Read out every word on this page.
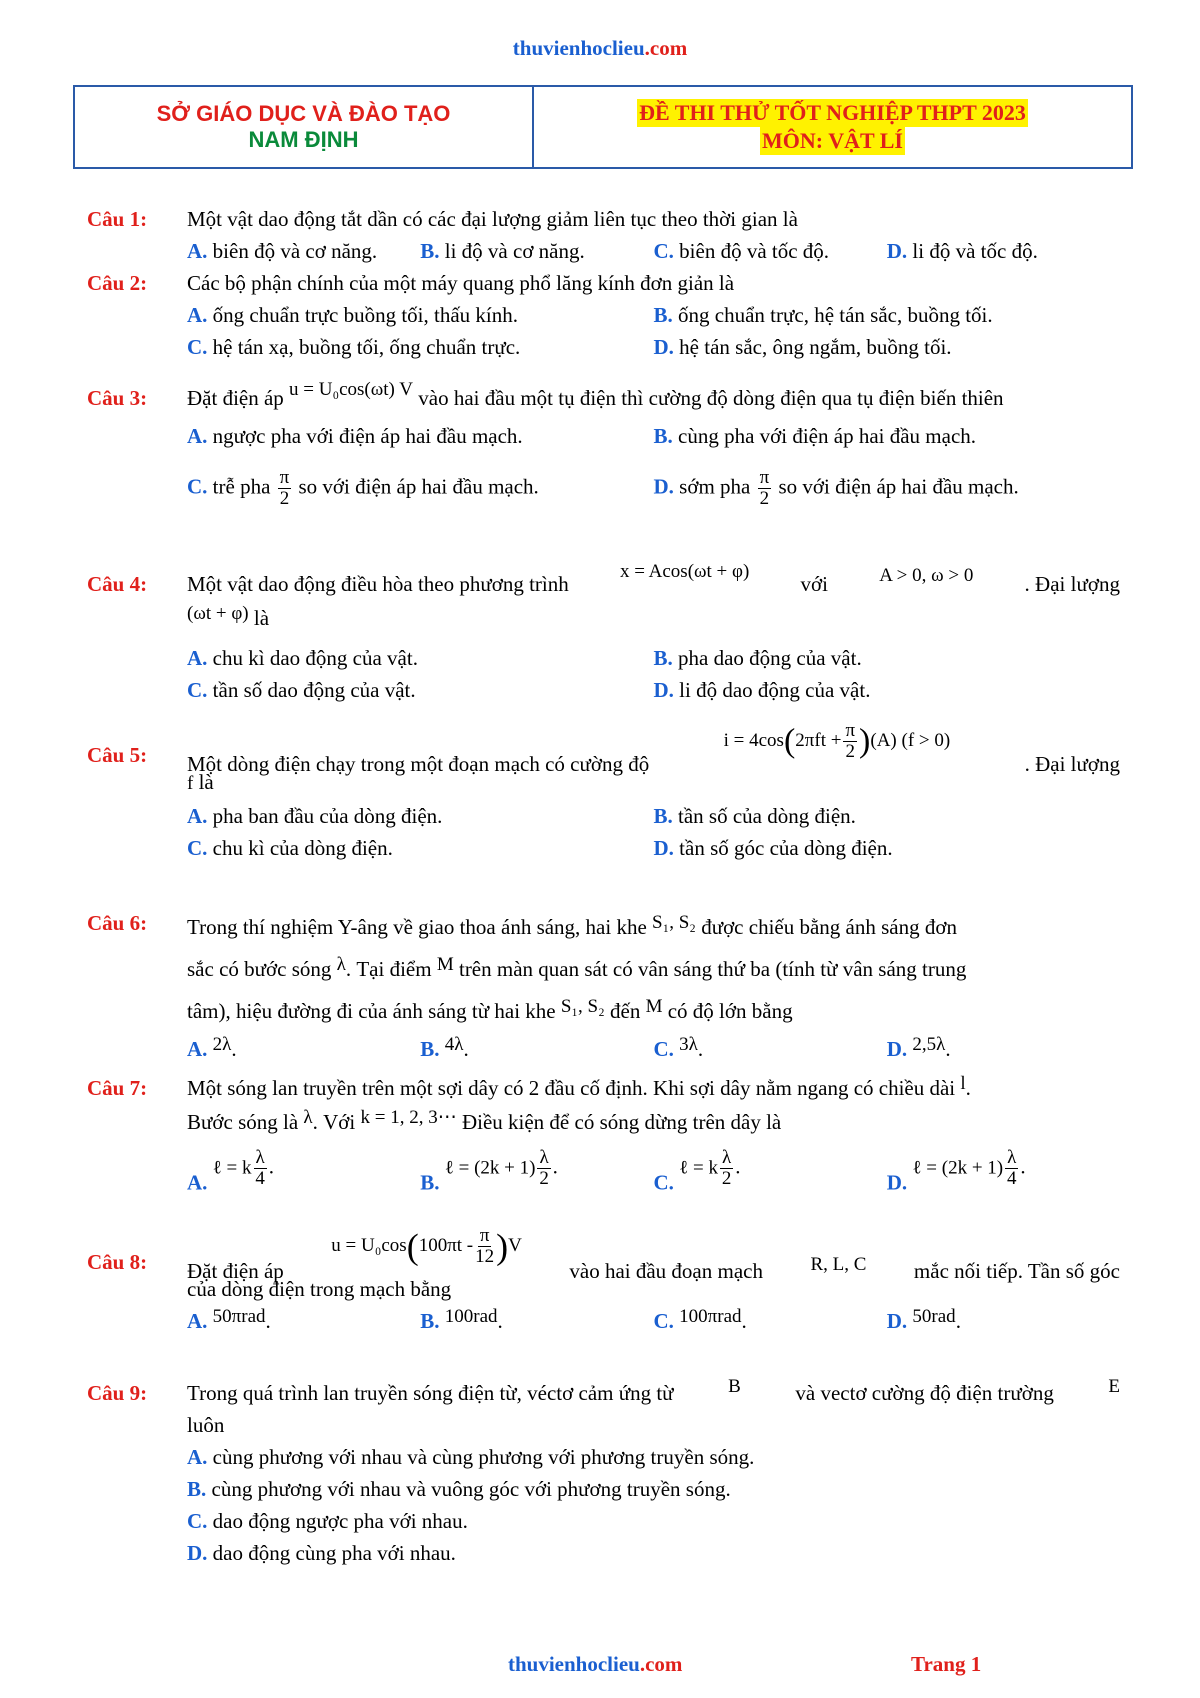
thuvienhoclieu.com
SỞ GIÁO DỤC VÀ ĐÀO TẠO
NAM ĐỊNH
ĐỀ THI THỬ TỐT NGHIỆP THPT 2023
MÔN: VẬT LÍ
Câu 1: Một vật dao động tắt dần có các đại lượng giảm liên tục theo thời gian là
A. biên độ và cơ năng.	B. li độ và cơ năng.	C. biên độ và tốc độ.	D. li độ và tốc độ.
Câu 2: Các bộ phận chính của một máy quang phổ lăng kính đơn giản là
A. ống chuẩn trực buồng tối, thấu kính.	B. ống chuẩn trực, hệ tán sắc, buồng tối.
C. hệ tán xạ, buồng tối, ống chuẩn trực.	D. hệ tán sắc, ông ngắm, buồng tối.
Câu 3: Đặt điện áp u = U₀cos(ωt) V vào hai đầu một tụ điện thì cường độ dòng điện qua tụ điện biến thiên
A. ngược pha với điện áp hai đầu mạch.	B. cùng pha với điện áp hai đầu mạch.
C. trễ pha $\frac{\pi}{2}$ so với điện áp hai đầu mạch.	D. sớm pha $\frac{\pi}{2}$ so với điện áp hai đầu mạch.
Câu 4: Một vật dao động điều hòa theo phương trình
x = Acos(ωt + φ)
với	A > 0, ω > 0 . Đại lượng
(ωt + φ) là
A. chu kì dao động của vật.	B. pha dao động của vật.
C. tần số dao động của vật.	D. li độ dao động của vật.
Câu 5: Một dòng điện chạy trong một đoạn mạch có cường độ
$i = 4\cos(2\pi ft + \frac{\pi}{2} )(A)$ (f > 0)
. Đại lượng
f là
A. pha ban đầu của dòng điện.	B. tần số của dòng điện.
C. chu kì của dòng điện.	D. tần số góc của dòng điện.
Câu 6: Trong thí nghiệm Y-âng về giao thoa ánh sáng, hai khe S₁, S₂ được chiếu bằng ánh sáng đơn
sắc có bước sóng λ. Tại điểm M trên màn quan sát có vân sáng thứ ba (tính từ vân sáng trung
tâm), hiệu đường đi của ánh sáng từ hai khe S₁, S₂ đến M có độ lớn bằng
A. 2λ.	B. 4λ.	C. 3λ.	D. 2,5λ.
Câu 7: Một sóng lan truyền trên một sợi dây có 2 đầu cố định. Khi sợi dây nằm ngang có chiều dài l.
Bước sóng là λ. Với k = 1, 2, 3⋯ Điều kiện để có sóng dừng trên dây là
A. ℓ = k $\frac{\lambda}{4}$ .
B. ℓ = $(2k + 1) \frac{\lambda}{2}$ .
C. ℓ = k $\frac{\lambda}{2}$ .
D. ℓ = $(2k + 1) \frac{\lambda}{4}$ .
Câu 8: Đặt điện áp
$u = U_0\cos(100\pi t - \frac{\pi}{12} )V$
vào hai đầu đoạn mạch	R, L, C mắc nối tiếp. Tần số góc
của dòng điện trong mạch bằng
A. 50πrad.	B. 100rad.	C. 100πrad.	D. 50rad.
Câu 9: Trong quá trình lan truyền sóng điện từ, véctơ cảm ứng từ	B	và vectơ cường độ điện trường	E
luôn
A. cùng phương với nhau và cùng phương với phương truyền sóng.
B. cùng phương với nhau và vuông góc với phương truyền sóng.
C. dao động ngược pha với nhau.
D. dao động cùng pha với nhau.
thuvienhoclieu.com	Trang 1
